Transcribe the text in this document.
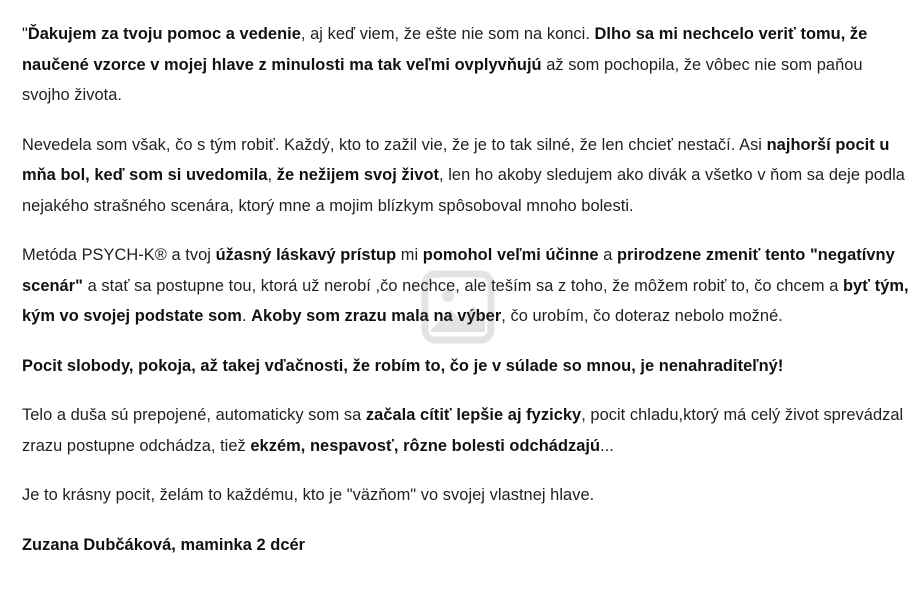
"Ďakujem za tvoju pomoc a vedenie, aj keď viem, že ešte nie som na konci. Dlho sa mi nechcelo veriť tomu, že naučené vzorce v mojej hlave z minulosti ma tak veľmi ovplyvňujú až som pochopila, že vôbec nie som paňou svojho života.

Nevedela som však, čo s tým robiť. Každý, kto to zažil vie, že je to tak silné, že len chcieť nestačí. Asi najhorší pocit u mňa bol, keď som si uvedomila, že nežijem svoj život, len ho akoby sledujem ako divák a všetko v ňom sa deje podla nejakého strašného scenára, ktorý mne a mojim blízkym spôsoboval mnoho bolesti.

Metóda PSYCH-K® a tvoj úžasný láskavý prístup mi pomohol veľmi účinne a prirodzene zmeniť tento "negatívny scenár" a stať sa postupne tou, ktorá už nerobí ,čo nechce, ale teším sa z toho, že môžem robiť to, čo chcem a byť tým, kým vo svojej podstate som. Akoby som zrazu mala na výber, čo urobím, čo doteraz nebolo možné.

Pocit slobody, pokoja, až takej vďačnosti, že robím to, čo je v súlade so mnou, je nenahraditeľný!

Telo a duša sú prepojené, automaticky som sa začala cítiť lepšie aj fyzicky, pocit chladu,ktorý má celý život sprevádzal zrazu postupne odchádza, tiež ekzém, nespavosť, rôzne bolesti odchádzajú...

Je to krásny pocit, želám to každému, kto je "väzňom" vo svojej vlastnej hlave.

Zuzana Dubčáková, maminka 2 dcér
